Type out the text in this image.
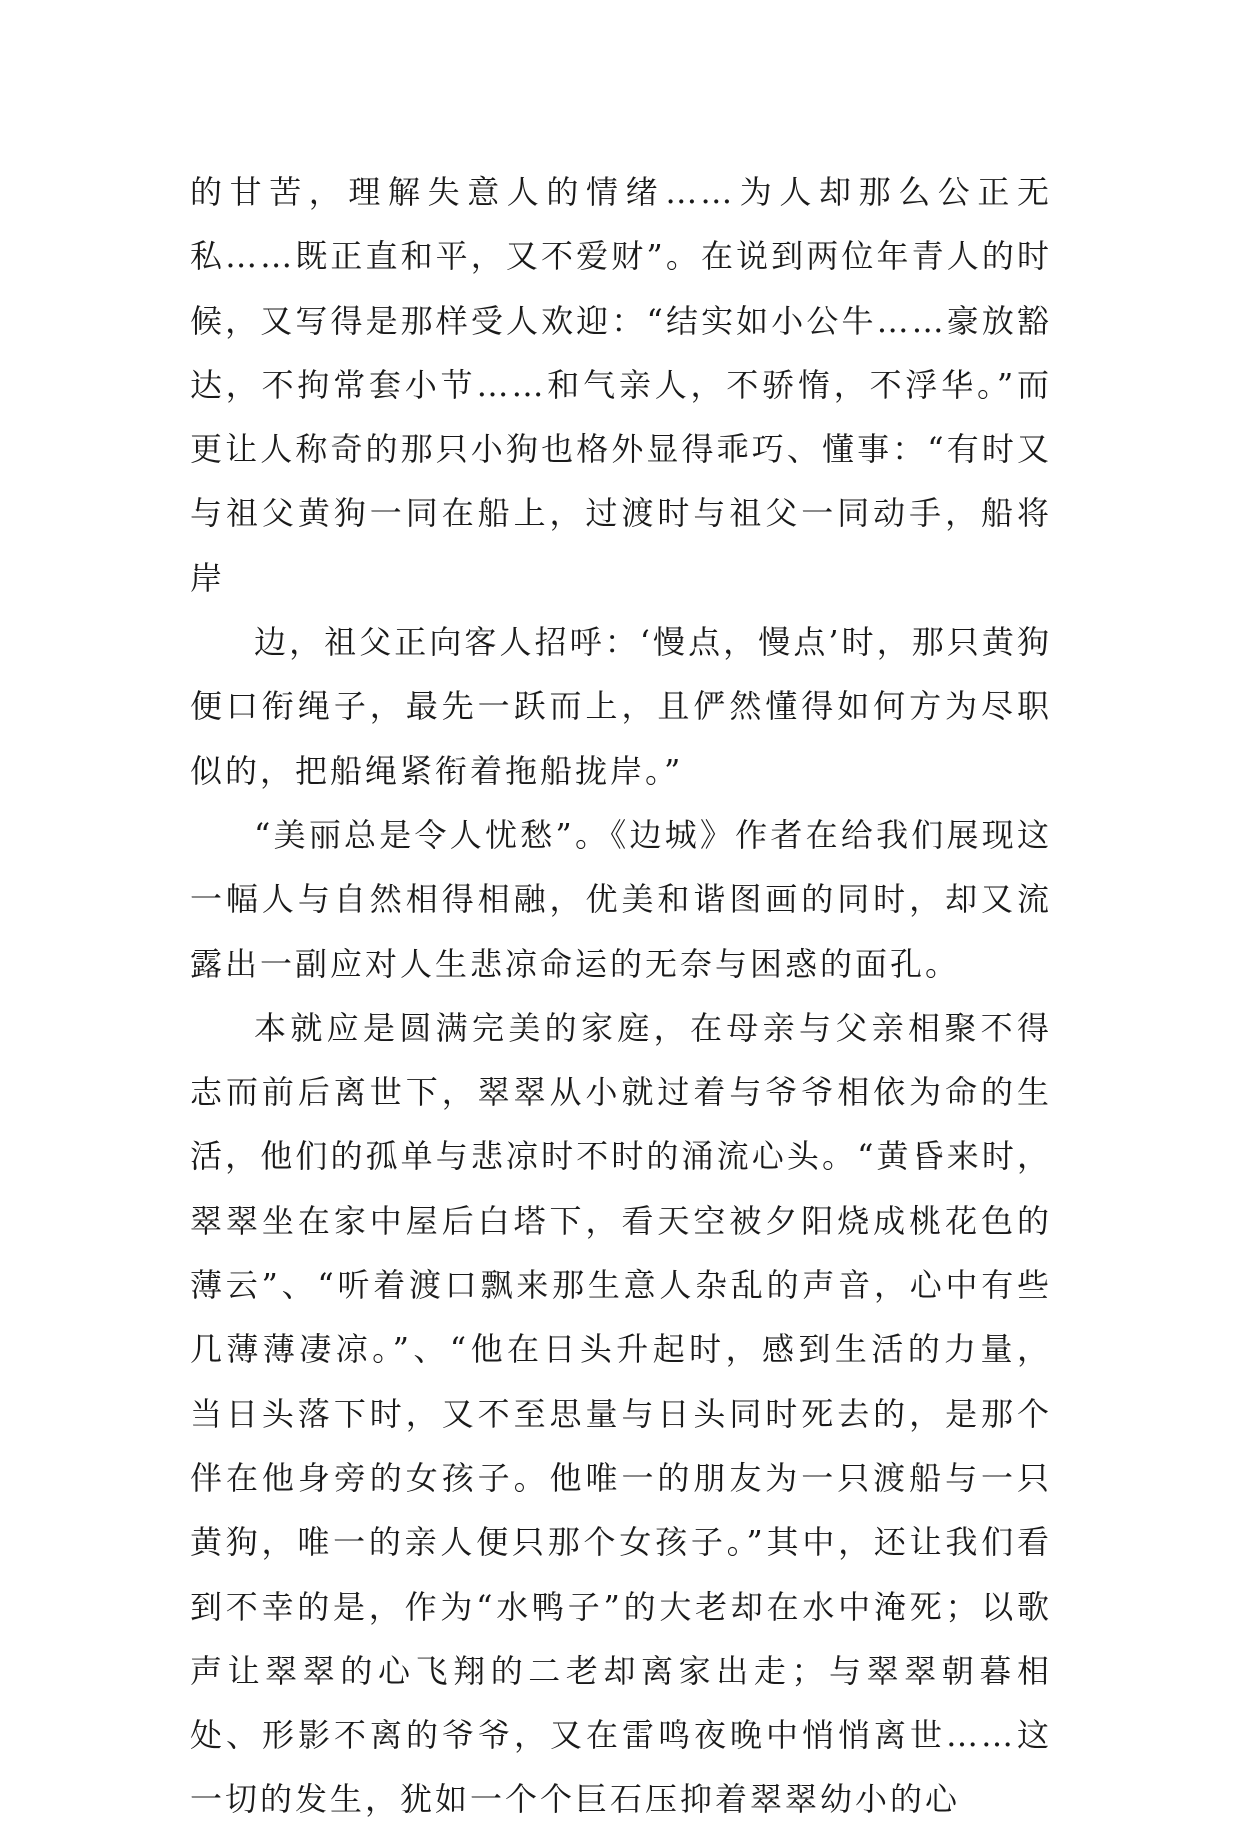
的甘苦，理解失意人的情绪……为人却那么公正无私……既正直和平，又不爱财”。在说到两位年青人的时候，又写得是那样受人欢迎：“结实如小公牛……豪放豁达，不拘常套小节……和气亲人，不骄惰，不浮华。”而更让人称奇的那只小狗也格外显得乖巧、懂事：“有时又与祖父黄狗一同在船上，过渡时与祖父一同动手，船将岸

边，祖父正向客人招呼：‘慢点，慢点’时，那只黄狗便口衔绳子，最先一跃而上，且俨然懂得如何方为尽职似的，把船绳紧衔着拖船拢岸。”

“美丽总是令人忧愁”。《边城》作者在给我们展现这一幅人与自然相得相融，优美和谐图画的同时，却又流露出一副应对人生悲凉命运的无奈与困惑的面孔。

本就应是圆满完美的家庭，在母亲与父亲相聚不得志而前后离世下，翠翠从小就过着与爷爷相依为命的生活，他们的孤单与悲凉时不时的涌流心头。“黄昏来时，翠翠坐在家中屋后白塔下，看天空被夕阳烧成桃花色的薄云”、“听着渡口飘来那生意人杂乱的声音，心中有些几薄薄凄凉。”、“他在日头升起时，感到生活的力量，当日头落下时，又不至思量与日头同时死去的，是那个伴在他身旁的女孩子。他唯一的朋友为一只渡船与一只黄狗，唯一的亲人便只那个女孩子。”其中，还让我们看到不幸的是，作为“水鸭子”的大老却在水中淹死；以歌声让翠翠的心飞翔的二老却离家出走；与翠翠朝暮相处、形影不离的爷爷，又在雷鸣夜晚中悄悄离世……这一切的发生，犹如一个个巨石压抑着翠翠幼小的心
